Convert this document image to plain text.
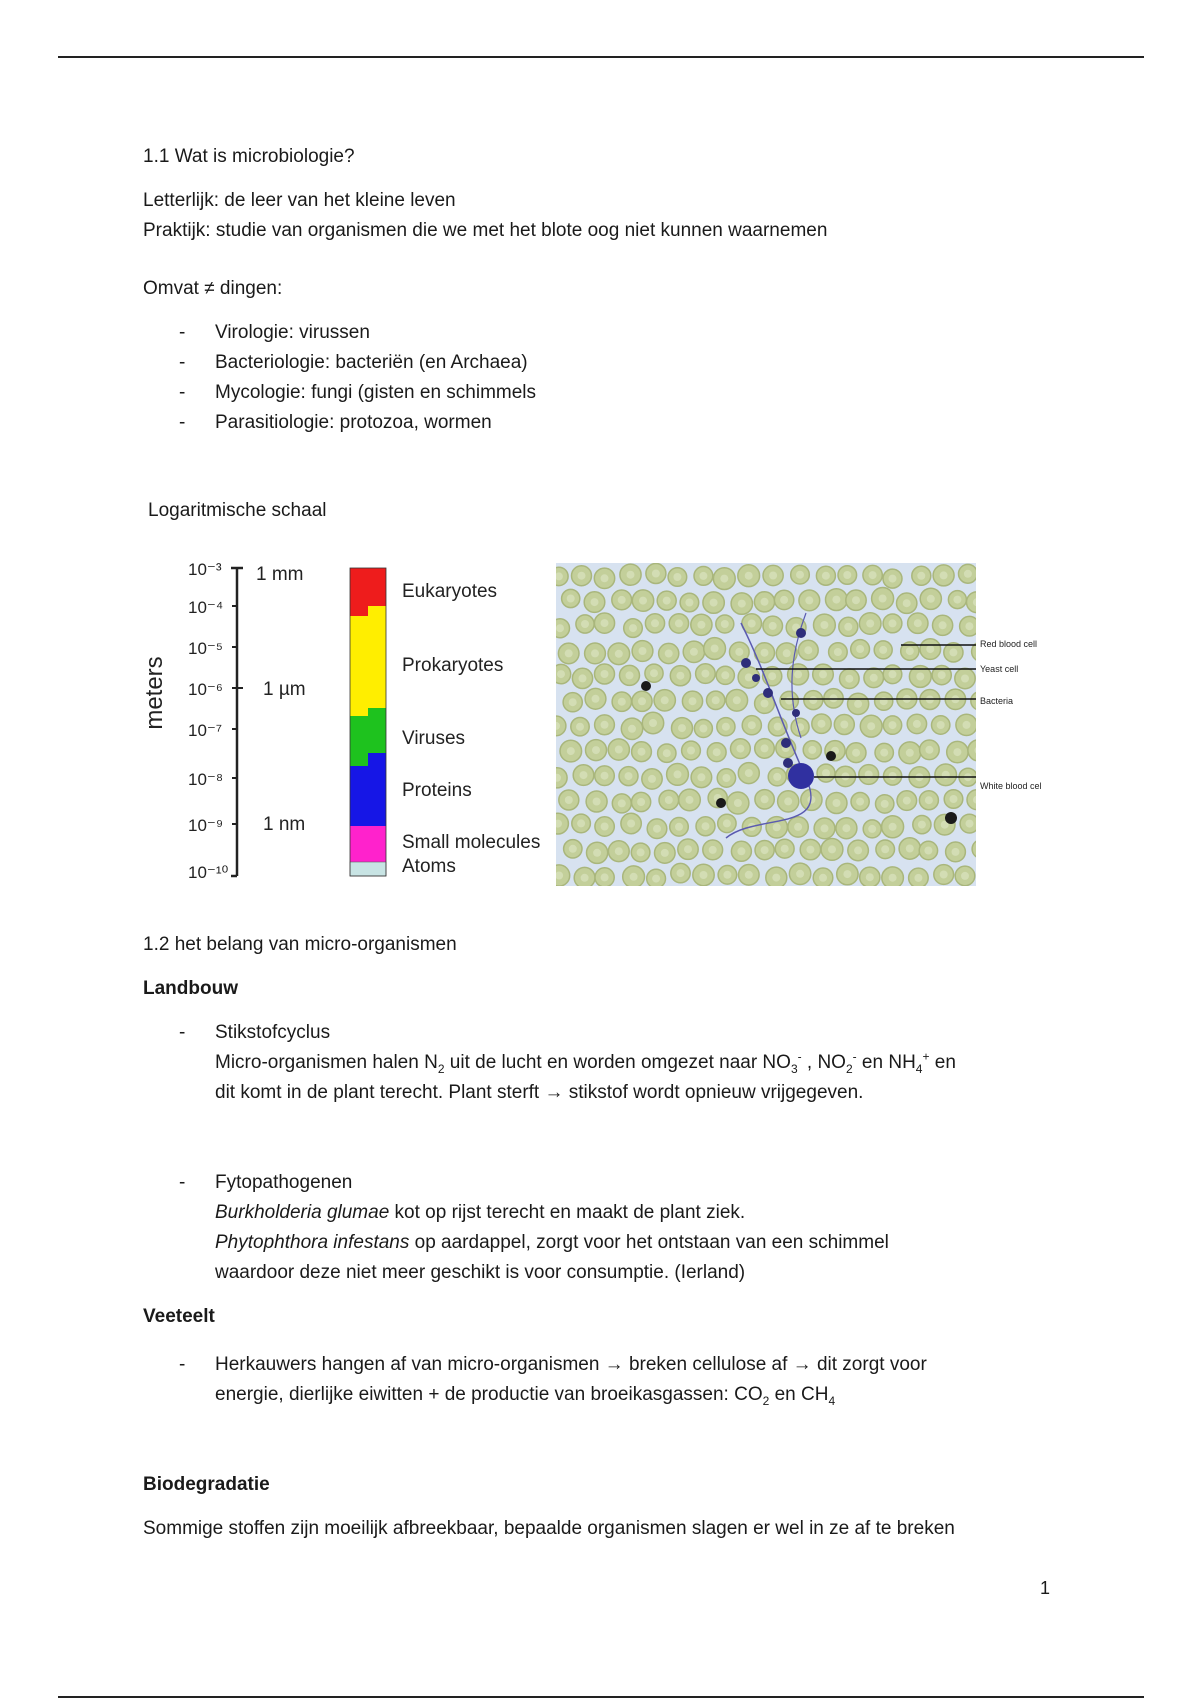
1.1 Wat is microbiologie?

Letterlijk: de leer van het kleine leven

Praktijk: studie van organismen die we met het blote oog niet kunnen waarnemen

Omvat ≠ dingen:

- Virologie: virussen
- Bacteriologie: bacteriën (en Archaea)
- Mycologie: fungi (gisten en schimmels
- Parasitiologie: protozoa, wormen
Logaritmische schaal
meters
10⁻³
10⁻⁴
10⁻⁵
10⁻⁶
10⁻⁷
10⁻⁸
10⁻⁹
10⁻¹⁰
1 mm
1 µm
1 nm
Eukaryotes
Prokaryotes
Viruses
Proteins
Small molecules
Atoms
Red blood cell
Yeast cell
Bacteria
White blood cel

1.2 het belang van micro-organismen

Landbouw

- Stikstofcyclus
Micro-organismen halen $N_2$ uit de lucht en worden omgezet naar $NO_3^-$ , $NO_2^-$ en $NH_4^+$ en
dit komt in de plant terecht. Plant sterft → stikstof wordt opnieuw vrijgegeven.
- Fytopathogenen
Burkholderia glumae kot op rijst terecht en maakt de plant ziek.
Phytophthora infestans op aardappel, zorgt voor het ontstaan van een schimmel
waardoor deze niet meer geschikt is voor consumptie. (Ierland)

Veeteelt

- Herkauwers hangen af van micro-organismen → breken cellulose af → dit zorgt voor
energie, dierlijke eiwitten + de productie van broeikasgassen: $CO_2$ en $CH_4$

Biodegradatie

Sommige stoffen zijn moeilijk afbreekbaar, bepaalde organismen slagen er wel in ze af te breken

1
